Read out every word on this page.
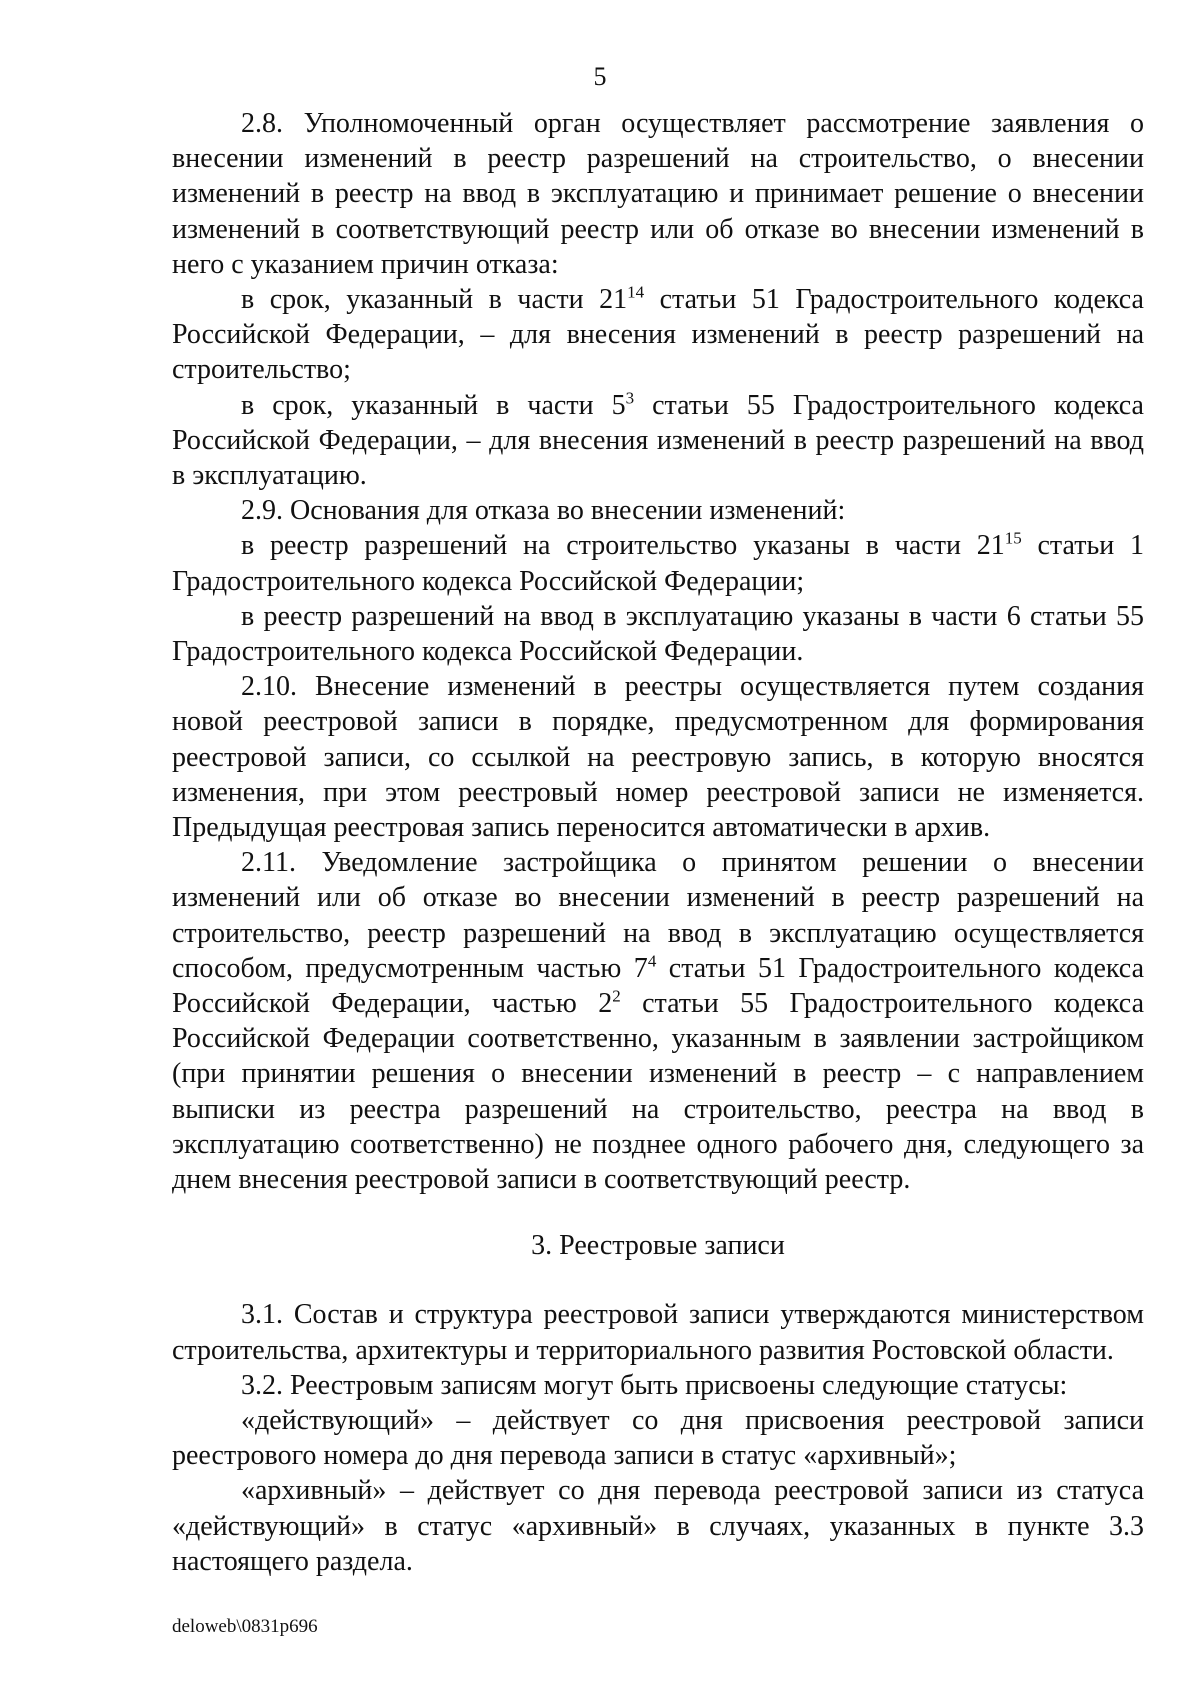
5

2.8. Уполномоченный орган осуществляет рассмотрение заявления о внесении изменений в реестр разрешений на строительство, о внесении изменений в реестр на ввод в эксплуатацию и принимает решение о внесении изменений в соответствующий реестр или об отказе во внесении изменений в него с указанием причин отказа:

в срок, указанный в части $21^{14}$ статьи 51 Градостроительного кодекса Российской Федерации, – для внесения изменений в реестр разрешений на строительство;

в срок, указанный в части $5^3$ статьи 55 Градостроительного кодекса Российской Федерации, – для внесения изменений в реестр разрешений на ввод в эксплуатацию.

2.9. Основания для отказа во внесении изменений:

в реестр разрешений на строительство указаны в части $21^{15}$ статьи 1 Градостроительного кодекса Российской Федерации;

в реестр разрешений на ввод в эксплуатацию указаны в части 6 статьи 55 Градостроительного кодекса Российской Федерации.

2.10. Внесение изменений в реестры осуществляется путем создания новой реестровой записи в порядке, предусмотренном для формирования реестровой записи, со ссылкой на реестровую запись, в которую вносятся изменения, при этом реестровый номер реестровой записи не изменяется. Предыдущая реестровая запись переносится автоматически в архив.

2.11. Уведомление застройщика о принятом решении о внесении изменений или об отказе во внесении изменений в реестр разрешений на строительство, реестр разрешений на ввод в эксплуатацию осуществляется способом, предусмотренным частью $7^4$ статьи 51 Градостроительного кодекса Российской Федерации, частью $2^2$ статьи 55 Градостроительного кодекса Российской Федерации соответственно, указанным в заявлении застройщиком (при принятии решения о внесении изменений в реестр – с направлением выписки из реестра разрешений на строительство, реестра на ввод в эксплуатацию соответственно) не позднее одного рабочего дня, следующего за днем внесения реестровой записи в соответствующий реестр.

3. Реестровые записи

3.1. Состав и структура реестровой записи утверждаются министерством строительства, архитектуры и территориального развития Ростовской области.

3.2. Реестровым записям могут быть присвоены следующие статусы:

«действующий» – действует со дня присвоения реестровой записи реестрового номера до дня перевода записи в статус «архивный»;

«архивный» – действует со дня перевода реестровой записи из статуса «действующий» в статус «архивный» в случаях, указанных в пункте 3.3 настоящего раздела.

deloweb\0831p696
